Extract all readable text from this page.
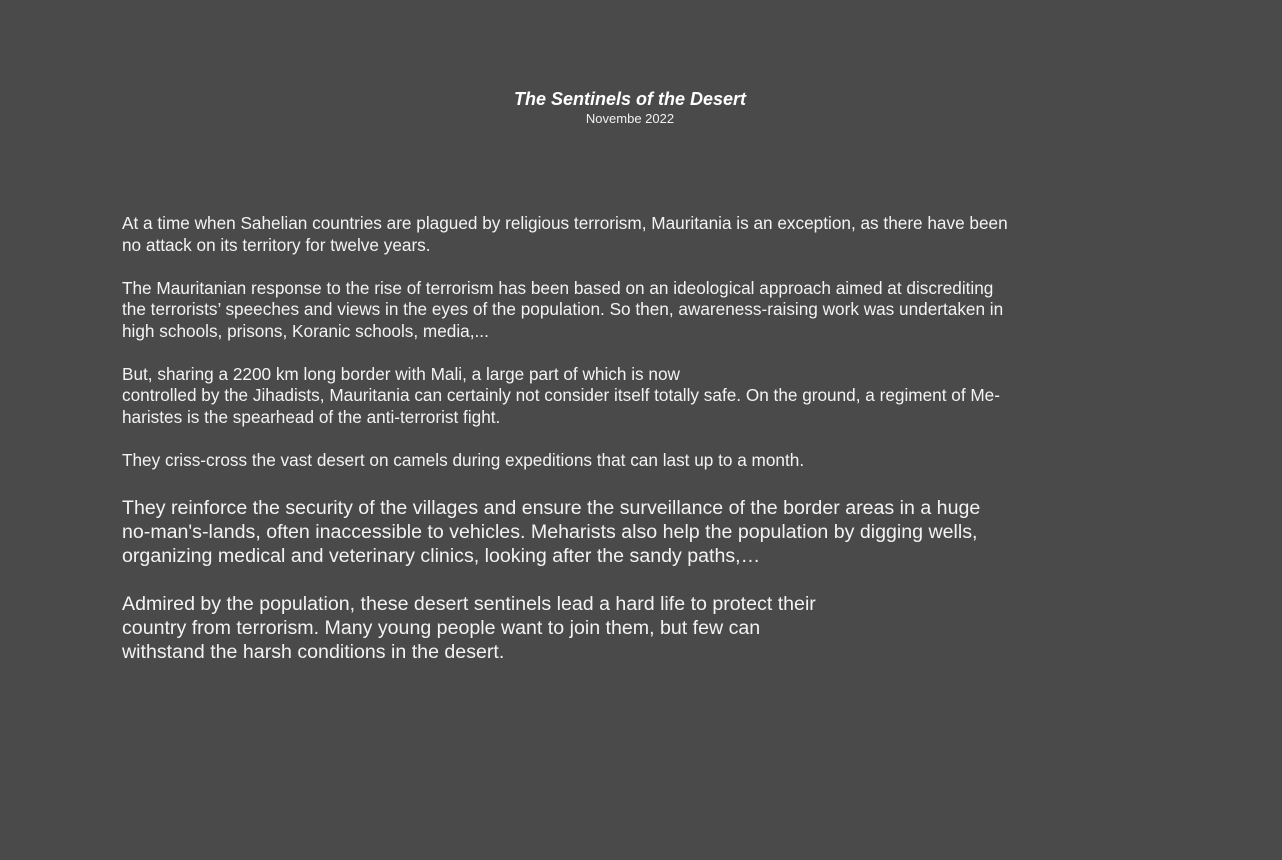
The Sentinels of the Desert

Novembe 2022

At a time when Sahelian countries are plagued by religious terrorism, Mauritania is an exception, as there have been
no attack on its territory for twelve years.

The Mauritanian response to the rise of terrorism has been based on an ideological approach aimed at discrediting
the terrorists’ speeches and views in the eyes of the population. So then, awareness-raising work was undertaken in
high schools, prisons, Koranic schools, media,...

But, sharing a 2200 km long border with Mali, a large part of which is now
controlled by the Jihadists, Mauritania can certainly not consider itself totally safe. On the ground, a regiment of Me-
haristes is the spearhead of the anti-terrorist fight.

They criss-cross the vast desert on camels during expeditions that can last up to a month.

They reinforce the security of the villages and ensure the surveillance of the border areas in a huge
no-man's-lands, often inaccessible to vehicles. Meharists also help the population by digging wells,
organizing medical and veterinary clinics, looking after the sandy paths,…

Admired by the population, these desert sentinels lead a hard life to protect their
country from terrorism. Many young people want to join them, but few can
withstand the harsh conditions in the desert.
